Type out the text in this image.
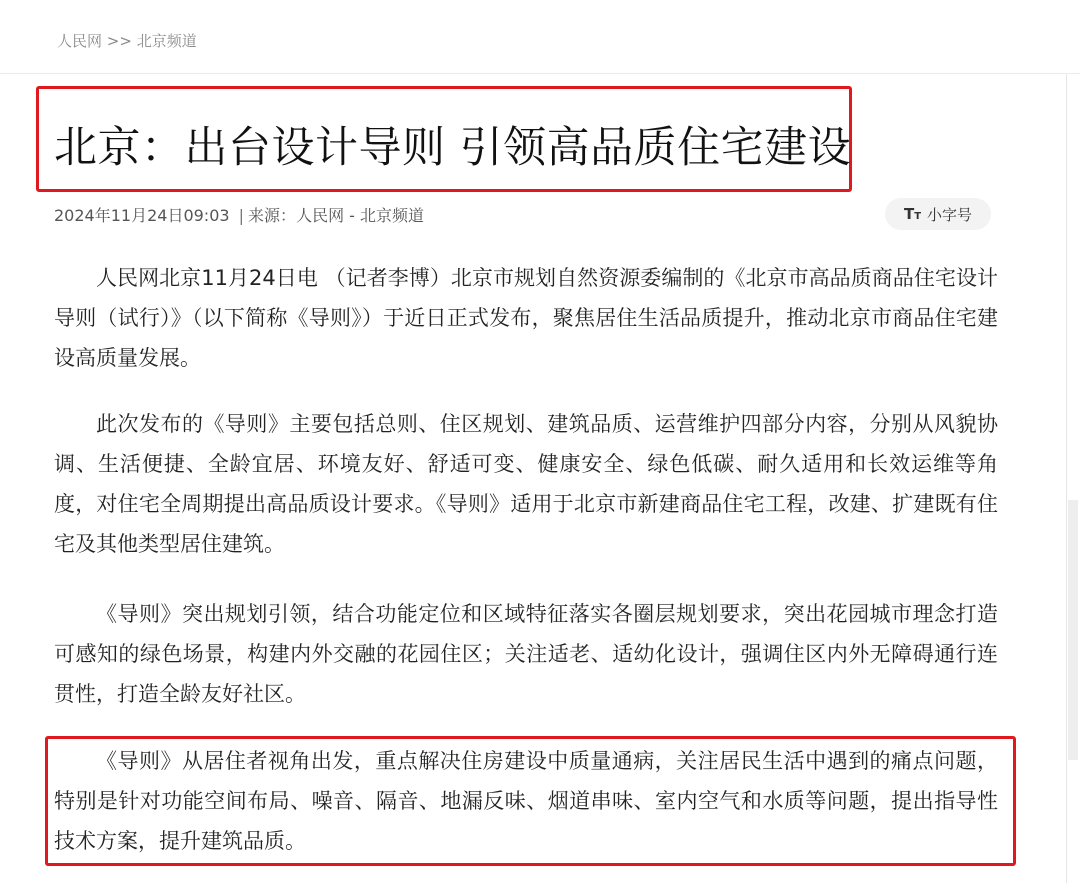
人民网 >> 北京频道
北京：出台设计导则 引领高品质住宅建设
2024年11月24日09:03 | 来源：人民网 - 北京频道	TT 小字号

人民网北京11月24日电 （记者李博）北京市规划自然资源委编制的《北京市高品质商品住宅设计导则（试行）》（以下简称《导则》）于近日正式发布，聚焦居住生活品质提升，推动北京市商品住宅建设高质量发展。

此次发布的《导则》主要包括总则、住区规划、建筑品质、运营维护四部分内容，分别从风貌协调、生活便捷、全龄宜居、环境友好、舒适可变、健康安全、绿色低碳、耐久适用和长效运维等角度，对住宅全周期提出高品质设计要求。《导则》适用于北京市新建商品住宅工程，改建、扩建既有住宅及其他类型居住建筑。

《导则》突出规划引领，结合功能定位和区域特征落实各圈层规划要求，突出花园城市理念打造可感知的绿色场景，构建内外交融的花园住区；关注适老、适幼化设计，强调住区内外无障碍通行连贯性，打造全龄友好社区。

《导则》从居住者视角出发，重点解决住房建设中质量通病，关注居民生活中遇到的痛点问题，特别是针对功能空间布局、噪音、隔音、地漏反味、烟道串味、室内空气和水质等问题，提出指导性技术方案，提升建筑品质。
